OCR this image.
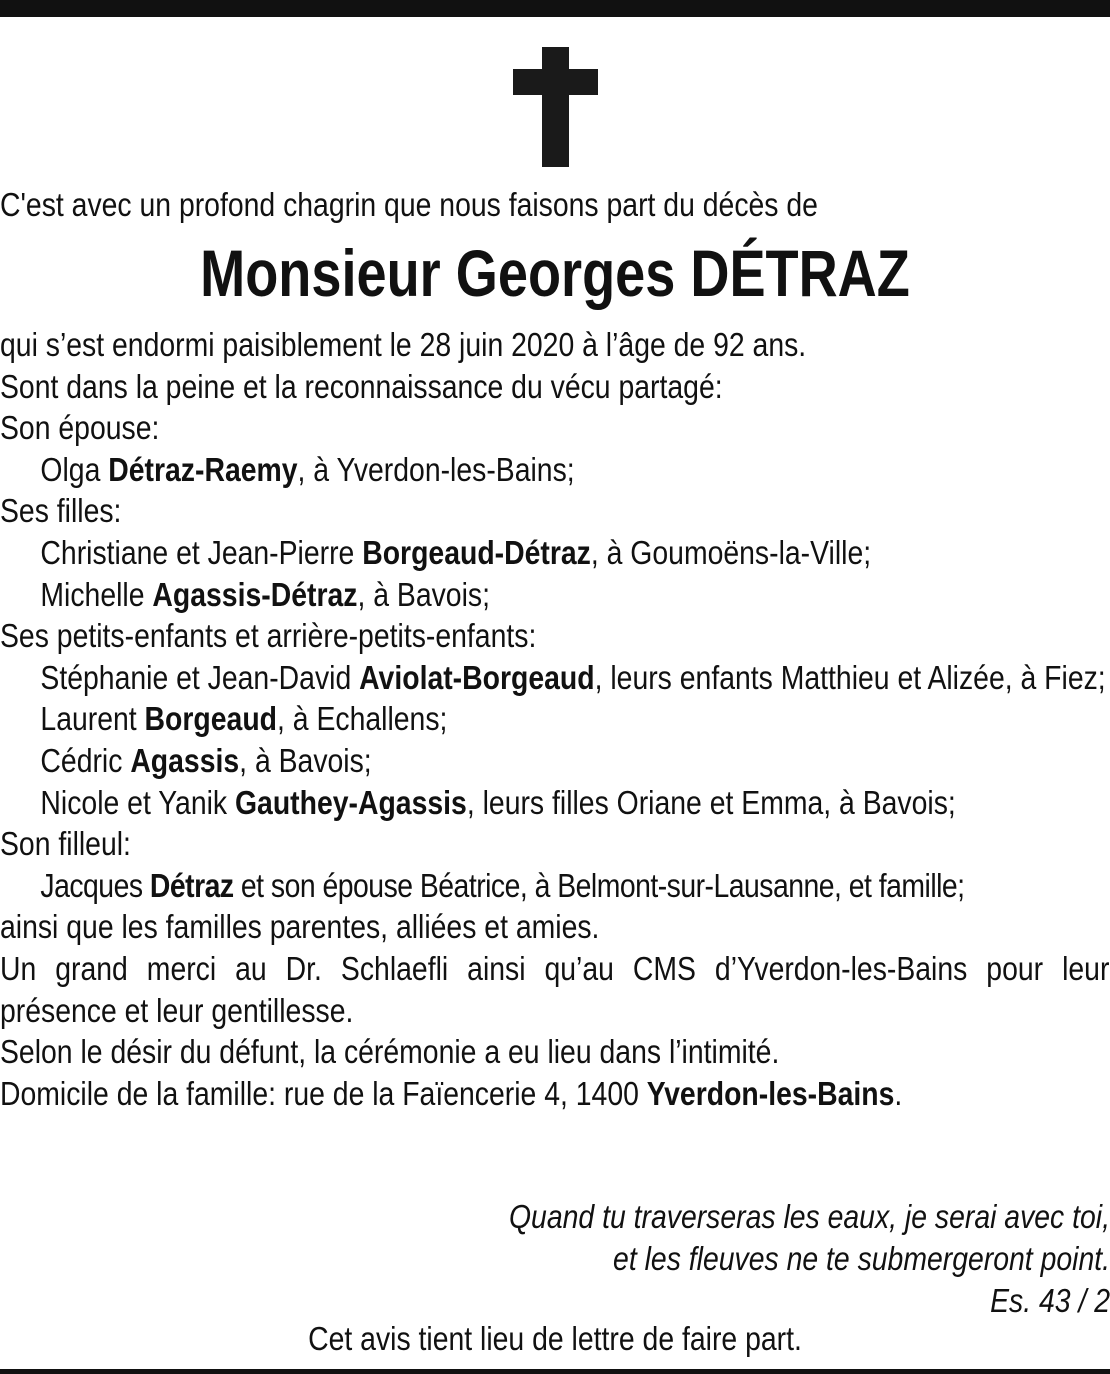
C'est avec un profond chagrin que nous faisons part du décès de
Monsieur Georges DÉTRAZ
qui s’est endormi paisiblement le 28 juin 2020 à l’âge de 92 ans.
Sont dans la peine et la reconnaissance du vécu partagé:
Son épouse:
Olga Détraz-Raemy, à Yverdon-les-Bains;
Ses filles:
Christiane et Jean-Pierre Borgeaud-Détraz, à Goumoëns-la-Ville;
Michelle Agassis-Détraz, à Bavois;
Ses petits-enfants et arrière-petits-enfants:
Stéphanie et Jean-David Aviolat-Borgeaud, leurs enfants Matthieu et Alizée, à Fiez;
Laurent Borgeaud, à Echallens;
Cédric Agassis, à Bavois;
Nicole et Yanik Gauthey-Agassis, leurs filles Oriane et Emma, à Bavois;
Son filleul:
Jacques Détraz et son épouse Béatrice, à Belmont-sur-Lausanne, et famille;
ainsi que les familles parentes, alliées et amies.
Un grand merci au Dr. Schlaefli ainsi qu’au CMS d’Yverdon-les-Bains pour leur présence et leur gentillesse.
Selon le désir du défunt, la cérémonie a eu lieu dans l’intimité.
Domicile de la famille: rue de la Faïencerie 4, 1400 Yverdon-les-Bains.
Quand tu traverseras les eaux, je serai avec toi,
et les fleuves ne te submergeront point.
Es. 43 / 2
Cet avis tient lieu de lettre de faire part.
